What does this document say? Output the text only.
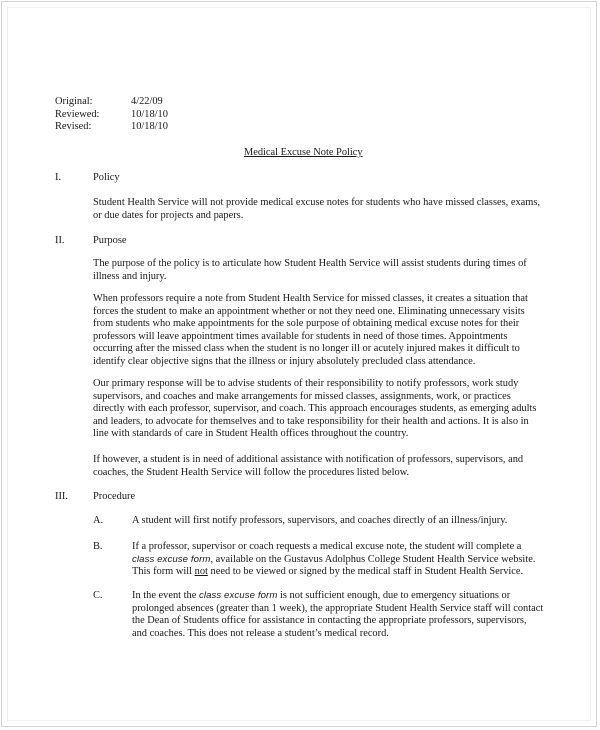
Original:	4/22/09
Reviewed:	10/18/10
Revised:	10/18/10
Medical Excuse Note Policy
I.	Policy
Student Health Service will not provide medical excuse notes for students who have missed classes, exams,
or due dates for projects and papers.
II.	Purpose
The purpose of the policy is to articulate how Student Health Service will assist students during times of
illness and injury.
When professors require a note from Student Health Service for missed classes, it creates a situation that
forces the student to make an appointment whether or not they need one. Eliminating unnecessary visits
from students who make appointments for the sole purpose of obtaining medical excuse notes for their
professors will leave appointment times available for students in need of those times. Appointments
occurring after the missed class when the student is no longer ill or acutely injured makes it difficult to
identify clear objective signs that the illness or injury absolutely precluded class attendance.
Our primary response will be to advise students of their responsibility to notify professors, work study
supervisors, and coaches and make arrangements for missed classes, assignments, work, or practices
directly with each professor, supervisor, and coach. This approach encourages students, as emerging adults
and leaders, to advocate for themselves and to take responsibility for their health and actions. It is also in
line with standards of care in Student Health offices throughout the country.
If however, a student is in need of additional assistance with notification of professors, supervisors, and
coaches, the Student Health Service will follow the procedures listed below.
III. Procedure
A.	A student will first notify professors, supervisors, and coaches directly of an illness/injury.
B.	If a professor, supervisor or coach requests a medical excuse note, the student will complete a
class excuse form, available on the Gustavus Adolphus College Student Health Service website.
This form will not need to be viewed or signed by the medical staff in Student Health Service.
C.	In the event the class excuse form is not sufficient enough, due to emergency situations or
prolonged absences (greater than 1 week), the appropriate Student Health Service staff will contact
the Dean of Students office for assistance in contacting the appropriate professors, supervisors,
and coaches. This does not release a student’s medical record.
